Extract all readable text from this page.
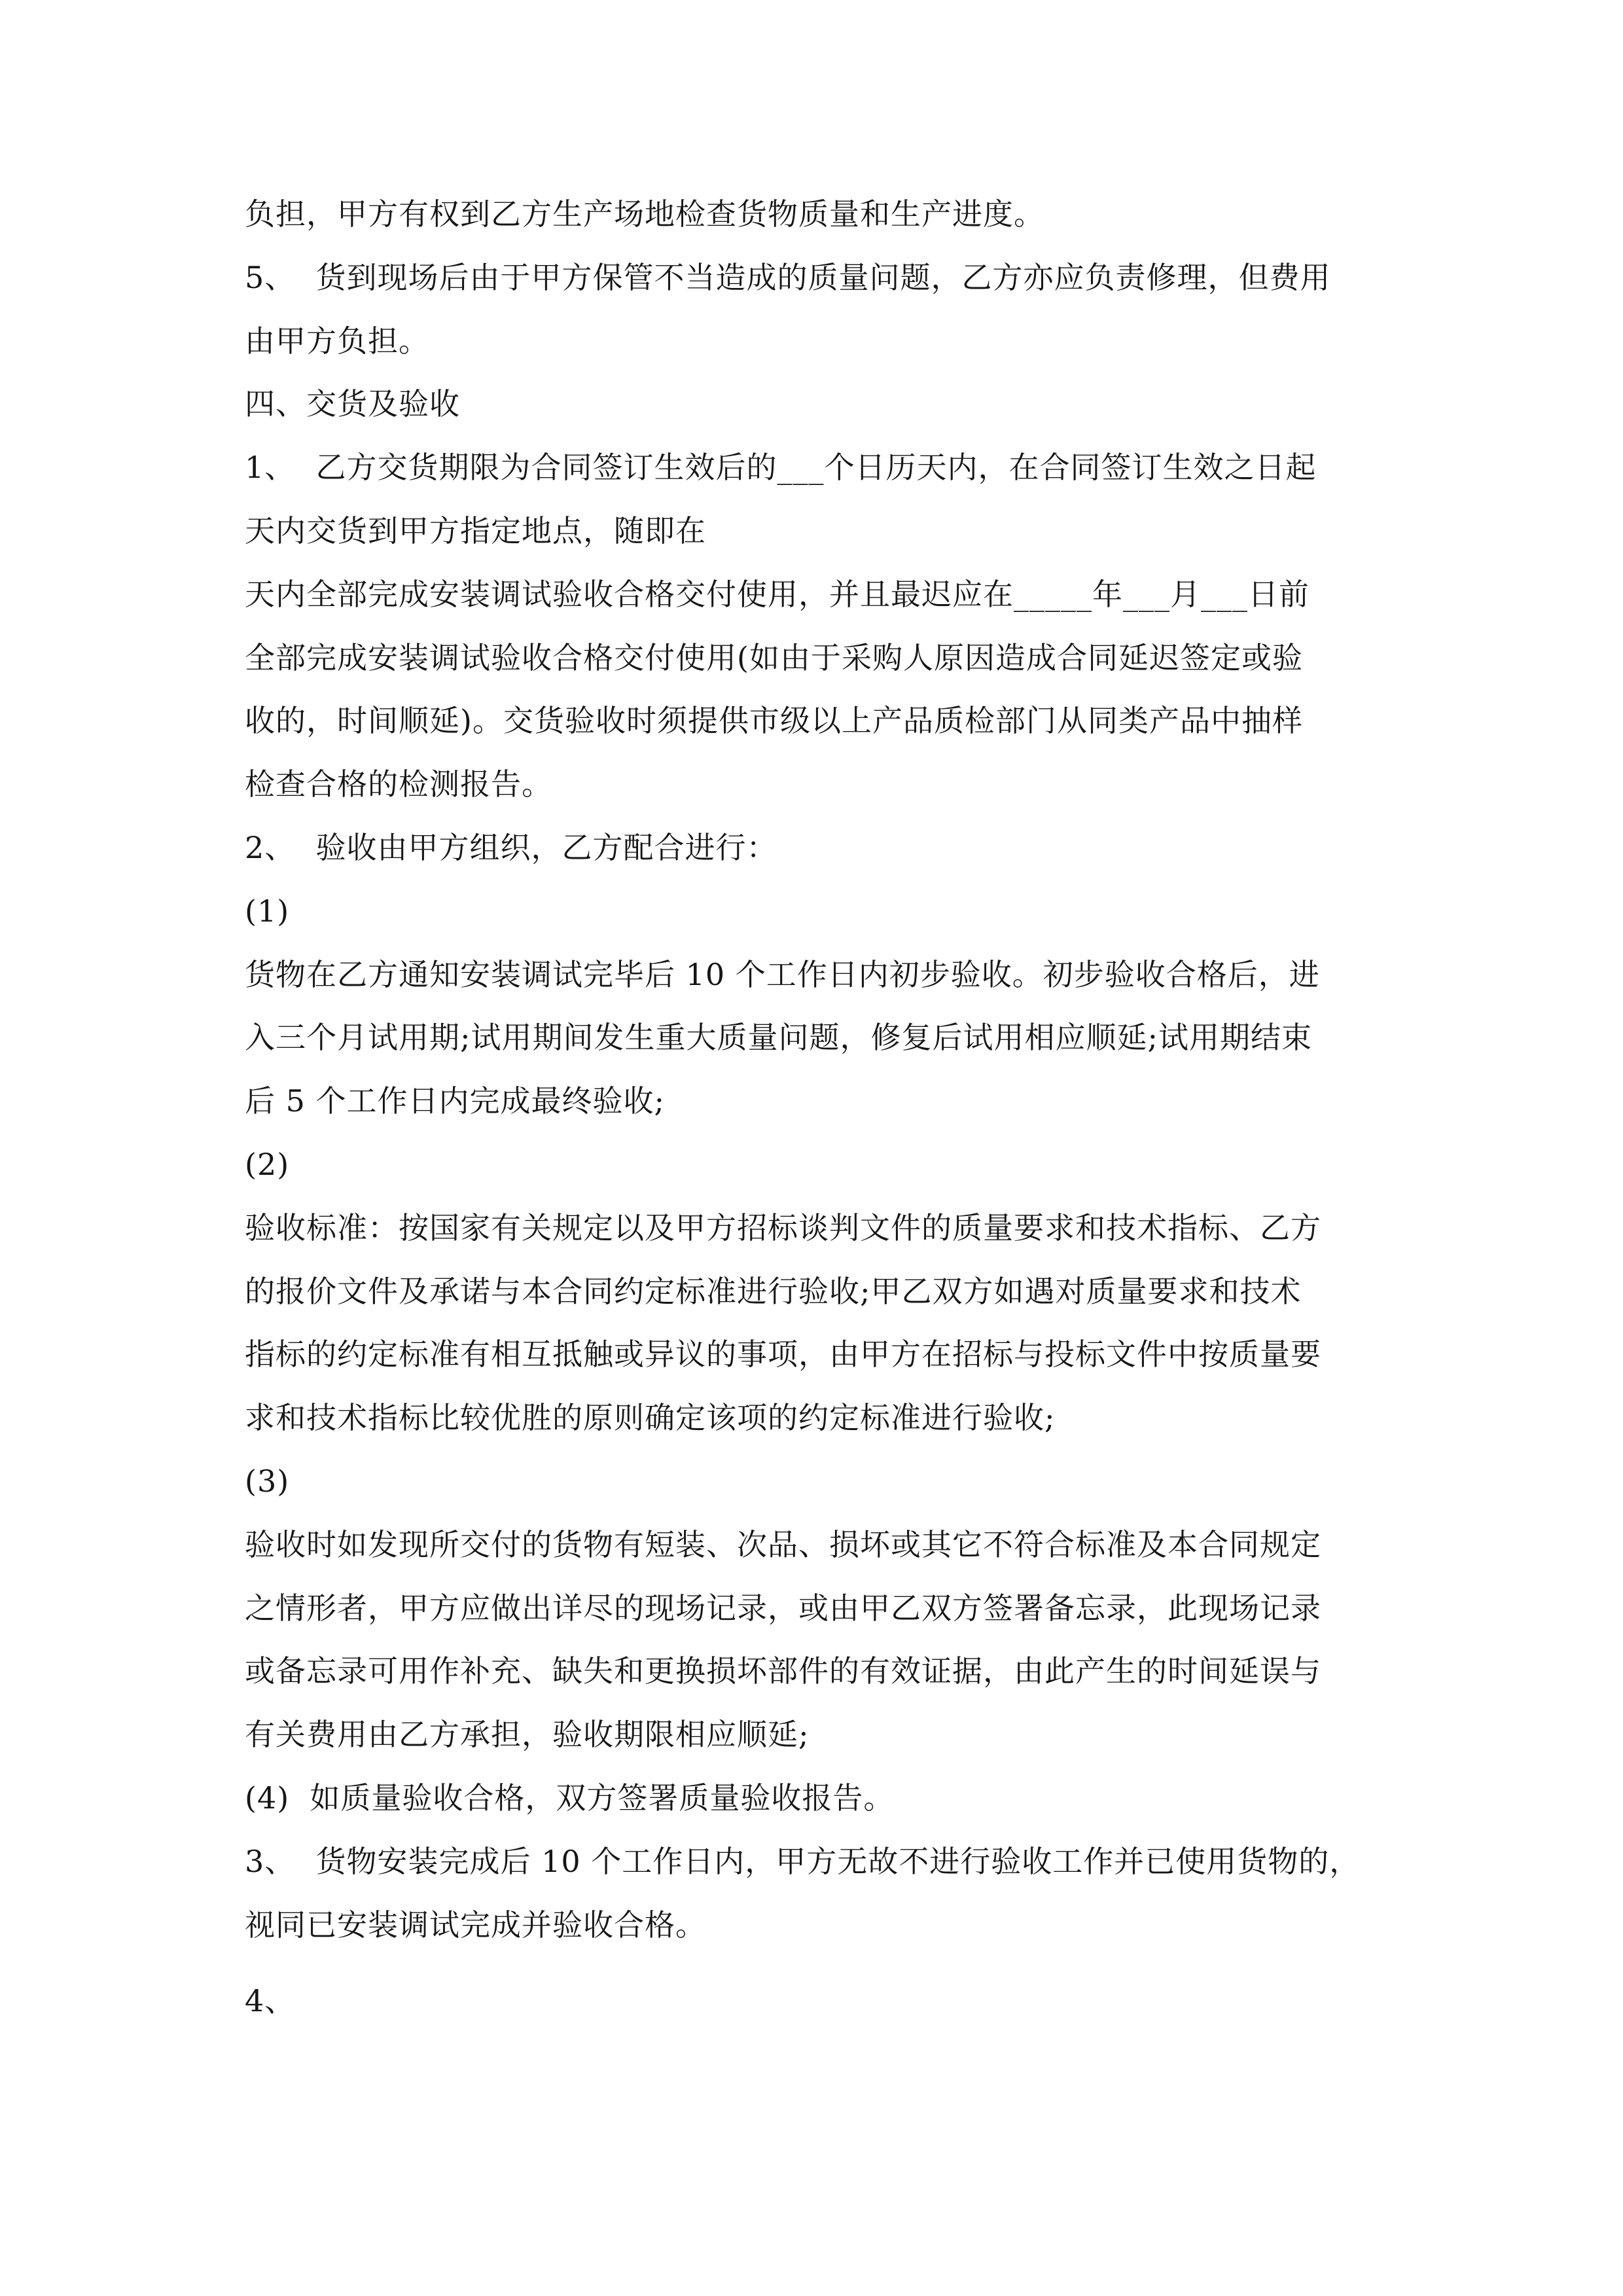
负担，甲方有权到乙方生产场地检查货物质量和生产进度。
5、  货到现场后由于甲方保管不当造成的质量问题，乙方亦应负责修理，但费用
由甲方负担。
四、交货及验收
1、  乙方交货期限为合同签订生效后的___个日历天内，在合同签订生效之日起
天内交货到甲方指定地点，随即在
天内全部完成安装调试验收合格交付使用，并且最迟应在_____年___月___日前
全部完成安装调试验收合格交付使用(如由于采购人原因造成合同延迟签定或验
收的，时间顺延)。交货验收时须提供市级以上产品质检部门从同类产品中抽样
检查合格的检测报告。
2、  验收由甲方组织，乙方配合进行：
(1)
货物在乙方通知安装调试完毕后 10 个工作日内初步验收。初步验收合格后，进
入三个月试用期;试用期间发生重大质量问题，修复后试用相应顺延;试用期结束
后 5 个工作日内完成最终验收;
(2)
验收标准：按国家有关规定以及甲方招标谈判文件的质量要求和技术指标、乙方
的报价文件及承诺与本合同约定标准进行验收;甲乙双方如遇对质量要求和技术
指标的约定标准有相互抵触或异议的事项，由甲方在招标与投标文件中按质量要
求和技术指标比较优胜的原则确定该项的约定标准进行验收;
(3)
验收时如发现所交付的货物有短装、次品、损坏或其它不符合标准及本合同规定
之情形者，甲方应做出详尽的现场记录，或由甲乙双方签署备忘录，此现场记录
或备忘录可用作补充、缺失和更换损坏部件的有效证据，由此产生的时间延误与
有关费用由乙方承担，验收期限相应顺延;
(4)  如质量验收合格，双方签署质量验收报告。
3、  货物安装完成后 10 个工作日内，甲方无故不进行验收工作并已使用货物的，
视同已安装调试完成并验收合格。
4、
